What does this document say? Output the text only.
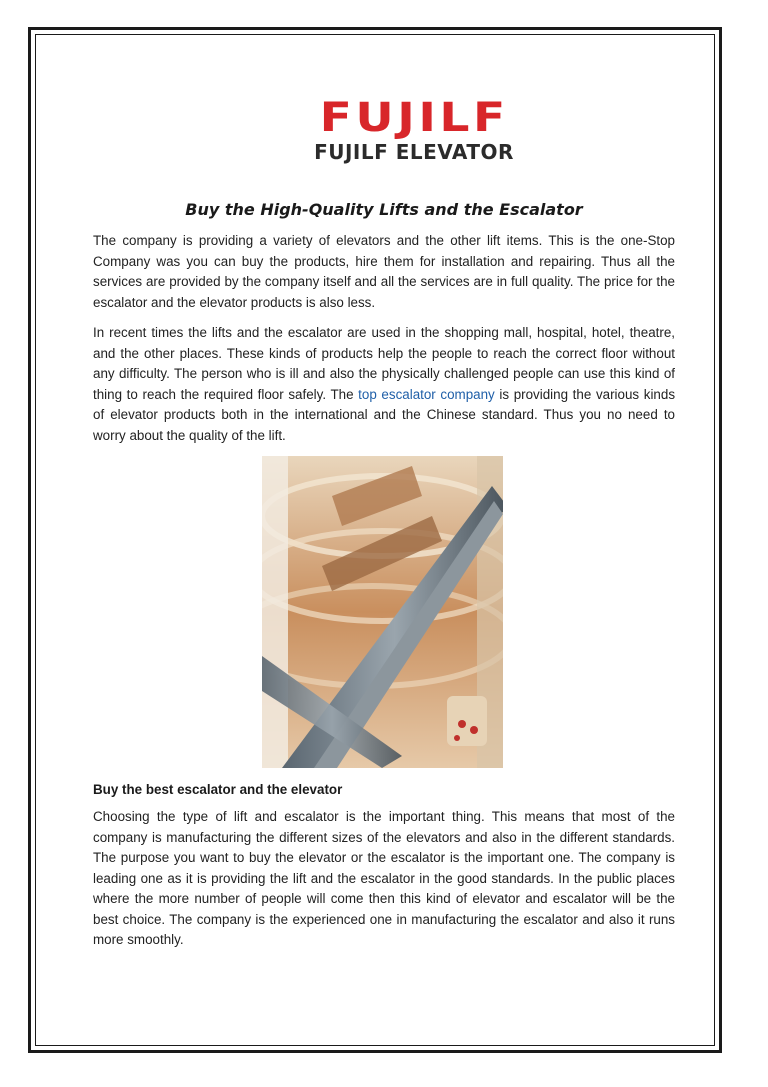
FUJILF
FUJILF ELEVATOR
Buy the High-Quality Lifts and the Escalator

The company is providing a variety of elevators and the other lift items. This is the one-Stop Company was you can buy the products, hire them for installation and repairing. Thus all the services are provided by the company itself and all the services are in full quality. The price for the escalator and the elevator products is also less.

In recent times the lifts and the escalator are used in the shopping mall, hospital, hotel, theatre, and the other places. These kinds of products help the people to reach the correct floor without any difficulty. The person who is ill and also the physically challenged people can use this kind of thing to reach the required floor safely. The top escalator company is providing the various kinds of elevator products both in the international and the Chinese standard. Thus you no need to worry about the quality of the lift.

Buy the best escalator and the elevator

Choosing the type of lift and escalator is the important thing. This means that most of the company is manufacturing the different sizes of the elevators and also in the different standards. The purpose you want to buy the elevator or the escalator is the important one. The company is leading one as it is providing the lift and the escalator in the good standards. In the public places where the more number of people will come then this kind of elevator and escalator will be the best choice. The company is the experienced one in manufacturing the escalator and also it runs more smoothly.
